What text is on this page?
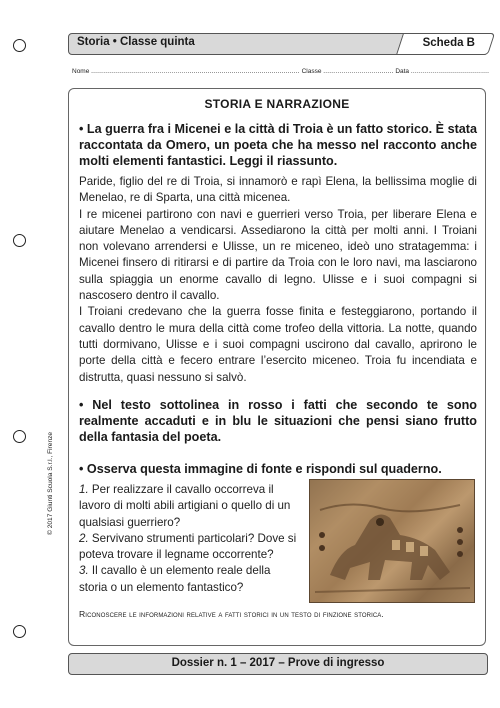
Storia • Classe quinta	Scheda B
Nome ........................................................................................................ Classe ................................... Data .......................................
STORIA E NARRAZIONE
• La guerra fra i Micenei e la città di Troia è un fatto storico. È stata raccontata da Omero, un poeta che ha messo nel racconto anche molti elementi fantastici. Leggi il riassunto.

Paride, figlio del re di Troia, si innamorò e rapì Elena, la bellissima moglie di Menelao, re di Sparta, una città micenea.

I re micenei partirono con navi e guerrieri verso Troia, per liberare Elena e aiutare Menelao a vendicarsi. Assediarono la città per molti anni. I Troiani non volevano arrendersi e Ulisse, un re miceneo, ideò uno stratagemma: i Micenei finsero di ritirarsi e di partire da Troia con le loro navi, ma lasciarono sulla spiaggia un enorme cavallo di legno. Ulisse e i suoi compagni si nascosero dentro il cavallo.

I Troiani credevano che la guerra fosse finita e festeggiarono, portando il cavallo dentro le mura della città come trofeo della vittoria. La notte, quando tutti dormivano, Ulisse e i suoi compagni uscirono dal cavallo, aprirono le porte della città e fecero entrare l’esercito miceneo. Troia fu incendiata e distrutta, quasi nessuno si salvò.

• Nel testo sottolinea in rosso i fatti che secondo te sono realmente accaduti e in blu le situazioni che pensi siano frutto della fantasia del poeta.
• Osserva questa immagine di fonte e rispondi sul quaderno.

1. Per realizzare il cavallo occorreva il lavoro di molti abili artigiani o quello di un qualsiasi guerriero?

2. Servivano strumenti particolari? Dove si poteva trovare il legname occorrente?

3. Il cavallo è un elemento reale della storia o un elemento fantastico?

Riconoscere le informazioni relative a fatti storici in un testo di finzione storica.
© 2017 Giunti Scuola S.r.l., Firenze
Dossier n. 1 – 2017 – Prove di ingresso
